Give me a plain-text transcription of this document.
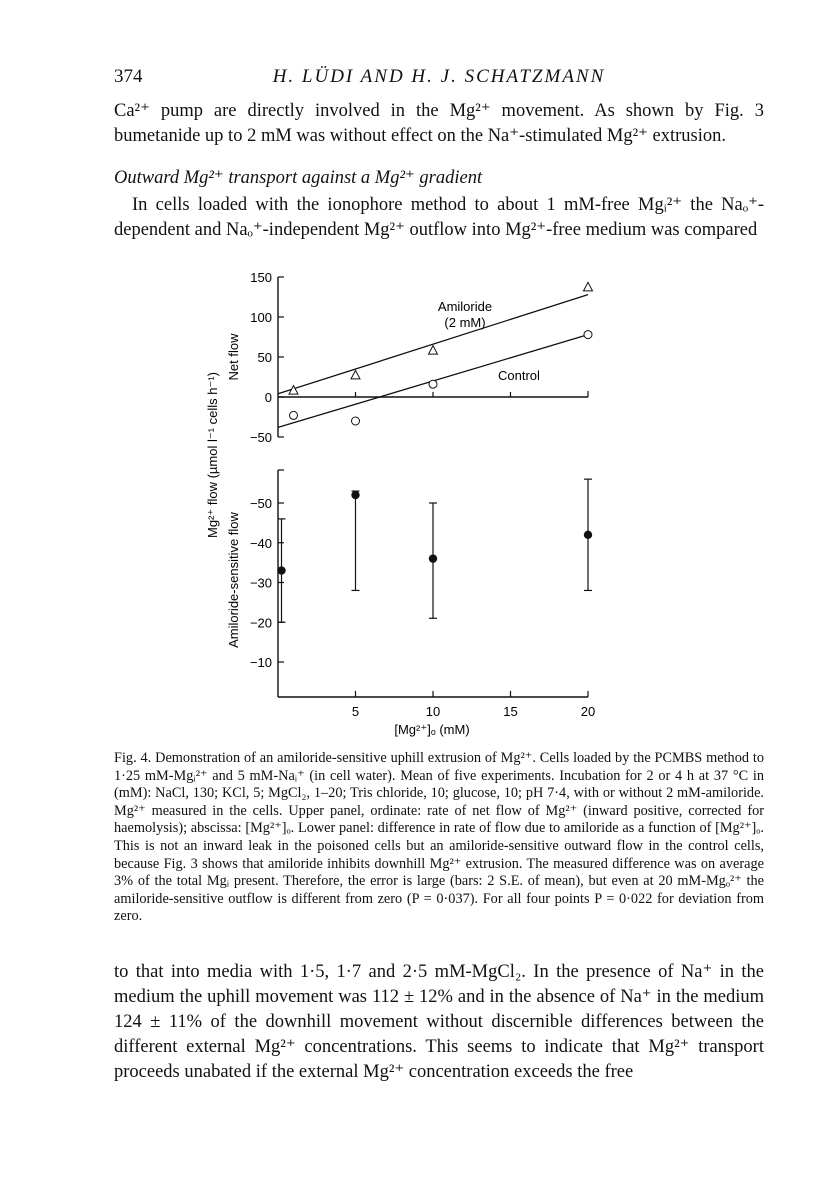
374	H. LÜDI AND H. J. SCHATZMANN
Ca²⁺ pump are directly involved in the Mg²⁺ movement. As shown by Fig. 3 bumetanide up to 2 mM was without effect on the Na⁺-stimulated Mg²⁺ extrusion.
Outward Mg²⁺ transport against a Mg²⁺ gradient
In cells loaded with the ionophore method to about 1 mM-free Mgᵢ²⁺ the Naₒ⁺-dependent and Naₒ⁺-independent Mg²⁺ outflow into Mg²⁺-free medium was compared
Mg²⁺ flow (µmol l⁻¹ cells h⁻¹)
Net flow
Amiloride-sensitive flow
150
100
50
0
−50
−50
−40
−30
−20
−10
5	10	15	20
Amiloride
(2 mM)
Control
[Mg²⁺]ₒ (mM)

Fig. 4. Demonstration of an amiloride-sensitive uphill extrusion of Mg²⁺. Cells loaded by the PCMBS method to 1·25 mM-Mgᵢ²⁺ and 5 mM-Naᵢ⁺ (in cell water). Mean of five experiments. Incubation for 2 or 4 h at 37 °C in (mM): NaCl, 130; KCl, 5; MgCl₂, 1–20; Tris chloride, 10; glucose, 10; pH 7·4, with or without 2 mM-amiloride. Mg²⁺ measured in the cells. Upper panel, ordinate: rate of net flow of Mg²⁺ (inward positive, corrected for haemolysis); abscissa: [Mg²⁺]ₒ. Lower panel: difference in rate of flow due to amiloride as a function of [Mg²⁺]ₒ. This is not an inward leak in the poisoned cells but an amiloride-sensitive outward flow in the control cells, because Fig. 3 shows that amiloride inhibits downhill Mg²⁺ extrusion. The measured difference was on average 3% of the total Mgᵢ present. Therefore, the error is large (bars: 2 S.E. of mean), but even at 20 mM-Mgₒ²⁺ the amiloride-sensitive outflow is different from zero (P = 0·037). For all four points P = 0·022 for deviation from zero.

to that into media with 1·5, 1·7 and 2·5 mM-MgCl₂. In the presence of Na⁺ in the medium the uphill movement was 112 ± 12% and in the absence of Na⁺ in the medium 124 ± 11% of the downhill movement without discernible differences between the different external Mg²⁺ concentrations. This seems to indicate that Mg²⁺ transport proceeds unabated if the external Mg²⁺ concentration exceeds the free
